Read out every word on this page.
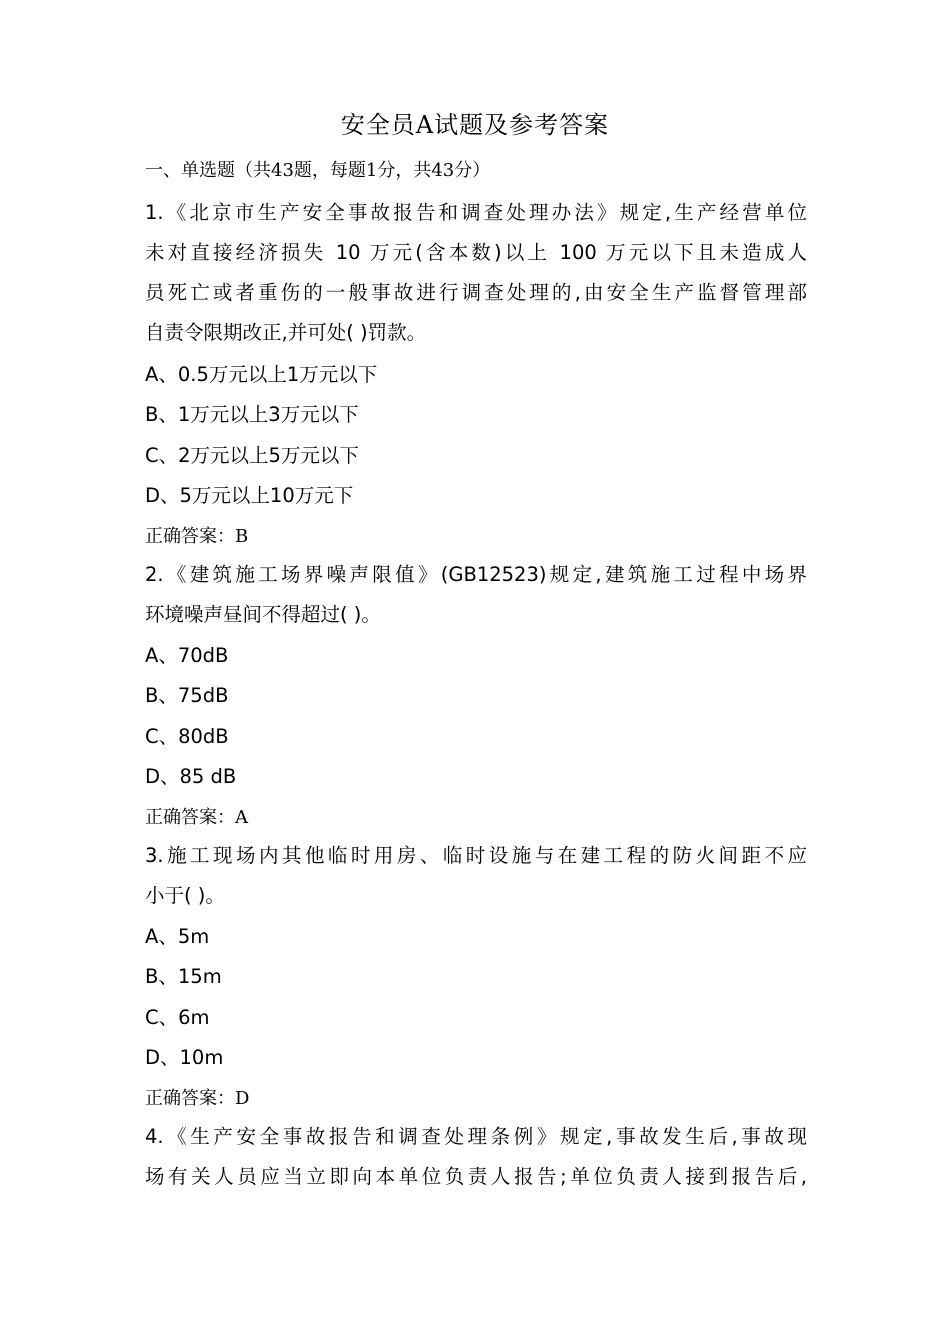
安全员A试题及参考答案
一、单选题（共43题，每题1分，共43分）
1.《北京市生产安全事故报告和调查处理办法》规定,生产经营单位
未对直接经济损失 10 万元(含本数)以上 100 万元以下且未造成人
员死亡或者重伤的一般事故进行调查处理的,由安全生产监督管理部
自责令限期改正,并可处( )罚款。
A、0.5万元以上1万元以下
B、1万元以上3万元以下
C、2万元以上5万元以下
D、5万元以上10万元下
正确答案：B
2.《建筑施工场界噪声限值》(GB12523)规定,建筑施工过程中场界
环境噪声昼间不得超过( )。
A、70dB
B、75dB
C、80dB
D、85 dB
正确答案：A
3.施工现场内其他临时用房、临时设施与在建工程的防火间距不应
小于( )。
A、5m
B、15m
C、6m
D、10m
正确答案：D
4.《生产安全事故报告和调查处理条例》规定,事故发生后,事故现
场有关人员应当立即向本单位负责人报告;单位负责人接到报告后,
